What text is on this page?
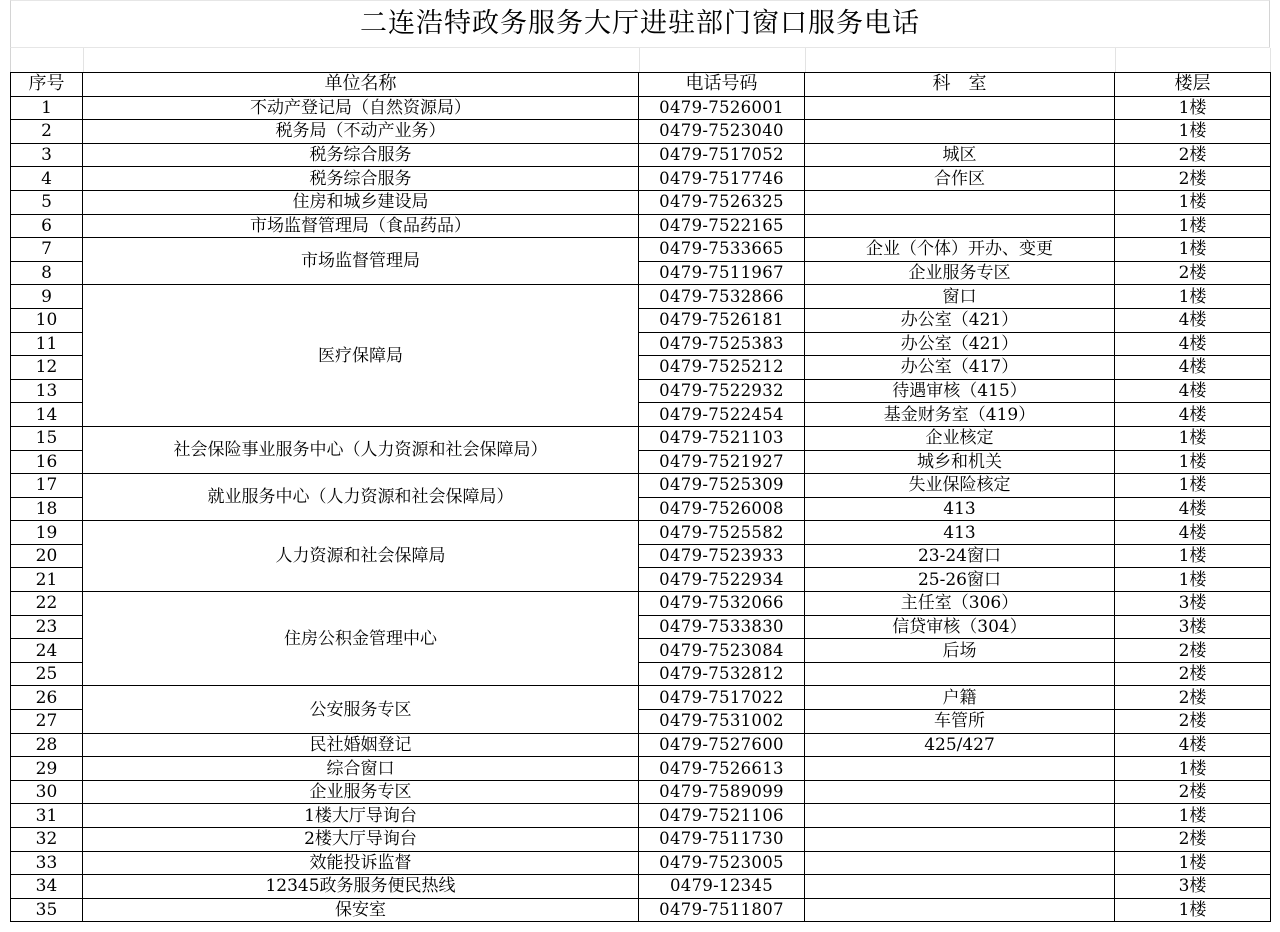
二连浩特政务服务大厅进驻部门窗口服务电话
序号	单位名称	电话号码	科　室	楼层
1	不动产登记局（自然资源局）	0479-7526001		1楼
2	税务局（不动产业务）	0479-7523040		1楼
3	税务综合服务	0479-7517052	城区	2楼
4	税务综合服务	0479-7517746	合作区	2楼
5	住房和城乡建设局	0479-7526325		1楼
6	市场监督管理局（食品药品）	0479-7522165		1楼
7	市场监督管理局	0479-7533665	企业（个体）开办、变更	1楼
8		0479-7511967	企业服务专区	2楼
9	医疗保障局	0479-7532866	窗口	1楼
10		0479-7526181	办公室（421）	4楼
11		0479-7525383	办公室（421）	4楼
12		0479-7525212	办公室（417）	4楼
13		0479-7522932	待遇审核（415）	4楼
14		0479-7522454	基金财务室（419）	4楼
15	社会保险事业服务中心（人力资源和社会保障局）	0479-7521103	企业核定	1楼
16		0479-7521927	城乡和机关	1楼
17	就业服务中心（人力资源和社会保障局）	0479-7525309	失业保险核定	1楼
18		0479-7526008	413	4楼
19	人力资源和社会保障局	0479-7525582	413	4楼
20		0479-7523933	23-24窗口	1楼
21		0479-7522934	25-26窗口	1楼
22	住房公积金管理中心	0479-7532066	主任室（306）	3楼
23		0479-7533830	信贷审核（304）	3楼
24		0479-7523084	后场	2楼
25		0479-7532812		2楼
26	公安服务专区	0479-7517022	户籍	2楼
27		0479-7531002	车管所	2楼
28	民社婚姻登记	0479-7527600	425/427	4楼
29	综合窗口	0479-7526613		1楼
30	企业服务专区	0479-7589099		2楼
31	1楼大厅导询台	0479-7521106		1楼
32	2楼大厅导询台	0479-7511730		2楼
33	效能投诉监督	0479-7523005		1楼
34	12345政务服务便民热线	0479-12345		3楼
35	保安室	0479-7511807		1楼
